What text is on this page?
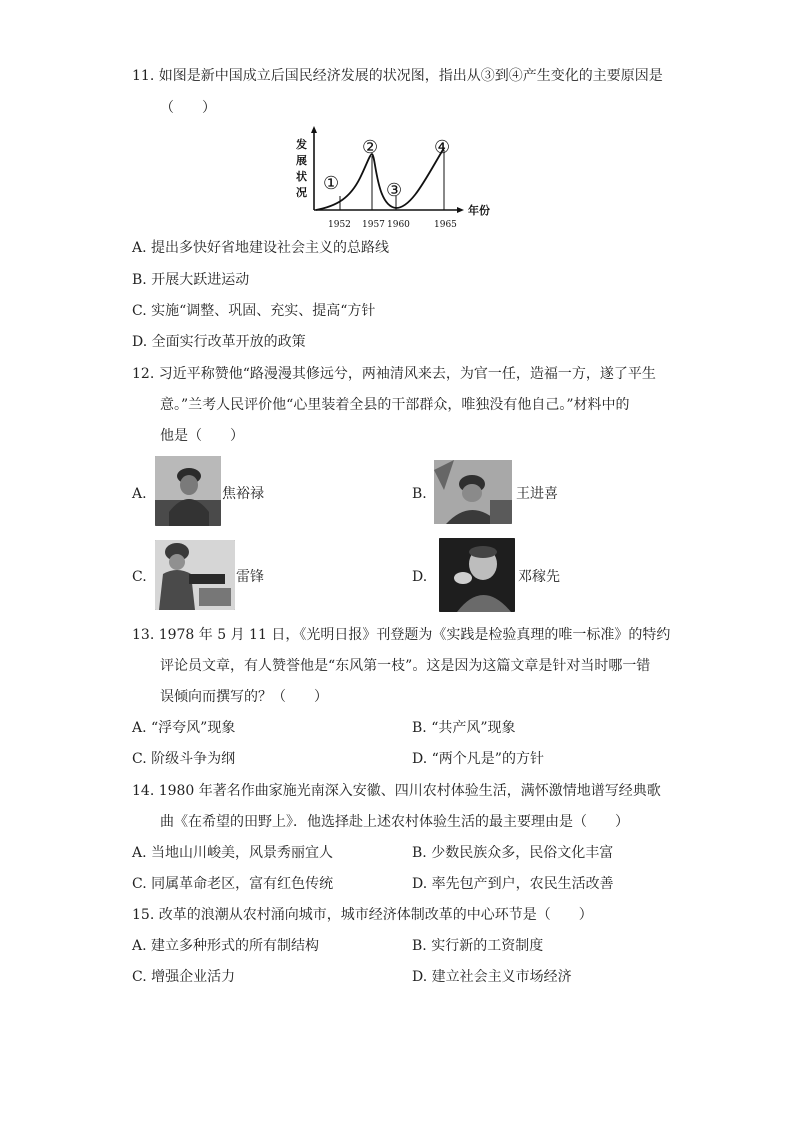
11. 如图是新中国成立后国民经济发展的状况图，指出从③到④产生变化的主要原因是
（　　）
发
展
状
况
年份
1952 1957 1960	1965
①
②
③
④
A. 提出多快好省地建设社会主义的总路线
B. 开展大跃进运动
C. 实施“调整、巩固、充实、提高“方针
D. 全面实行改革开放的政策
12. 习近平称赞他“路漫漫其修远兮，两袖清风来去，为官一任，造福一方，遂了平生
意。”兰考人民评价他“心里装着全县的干部群众，唯独没有他自己。”材料中的
他是（　　）
A.	焦裕禄	B.	王进喜
C.	雷锋	D.	邓稼先
13. 1978 年 5 月 11 日，《光明日报》刊登题为《实践是检验真理的唯一标准》的特约
评论员文章，有人赞誉他是“东风第一枝”。这是因为这篇文章是针对当时哪一错
误倾向而撰写的？（　　）
A. “浮夸风”现象	B. “共产风”现象
C. 阶级斗争为纲	D. “两个凡是”的方针
14. 1980 年著名作曲家施光南深入安徽、四川农村体验生活，满怀激情地谱写经典歌
曲《在希望的田野上》．他选择赴上述农村体验生活的最主要理由是（　　）
A. 当地山川峻美，风景秀丽宜人	B. 少数民族众多，民俗文化丰富
C. 同属革命老区，富有红色传统	D. 率先包产到户，农民生活改善
15. 改革的浪潮从农村涌向城市，城市经济体制改革的中心环节是（　　）
A. 建立多种形式的所有制结构	B. 实行新的工资制度
C. 增强企业活力	D. 建立社会主义市场经济
